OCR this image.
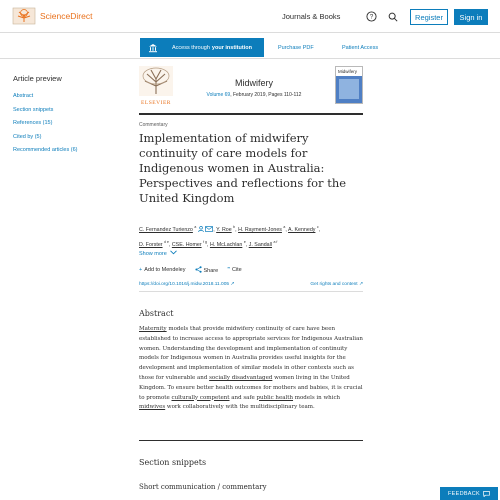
ScienceDirect	Journals & Books	?	Register	Sign in
Access through your institution	Purchase PDF	Patient Access
Article preview
Abstract
Section snippets
References (15)
Cited by (5)
Recommended articles (6)
ELSEVIER
Midwifery
Volume 69, February 2019, Pages 110-112
Midwifery
Commentary
Implementation of midwifery continuity of care models for Indigenous women in Australia: Perspectives and reflections for the United Kingdom
C. Fernandez Turienzo $^a$	, Y. Roe $^b$, H. Rayment-Jones $^a$, A. Kennedy $^c$,
D. Forster $^{d e}$, CSE. Homer $^{f g}$, H. McLachlan $^e$, J. Sandall $^{a f}$
Show more
+ Add to Mendeley	Share ” Cite
https://doi.org/10.1016/j.midw.2018.11.005 ↗	Get rights and content ↗
Abstract

Maternity models that provide midwifery continuity of care have been established to increase access to appropriate services for Indigenous Australian women. Understanding the development and implementation of continuity models for Indigenous women in Australia provides useful insights for the development and implementation of similar models in other contexts such as those for vulnerable and socially disadvantaged women living in the United Kingdom. To ensure better health outcomes for mothers and babies, it is crucial to promote culturally competent and safe public health models in which midwives work collaboratively with the multidisciplinary team.

Section snippets
Short communication / commentary
FEEDBACK
